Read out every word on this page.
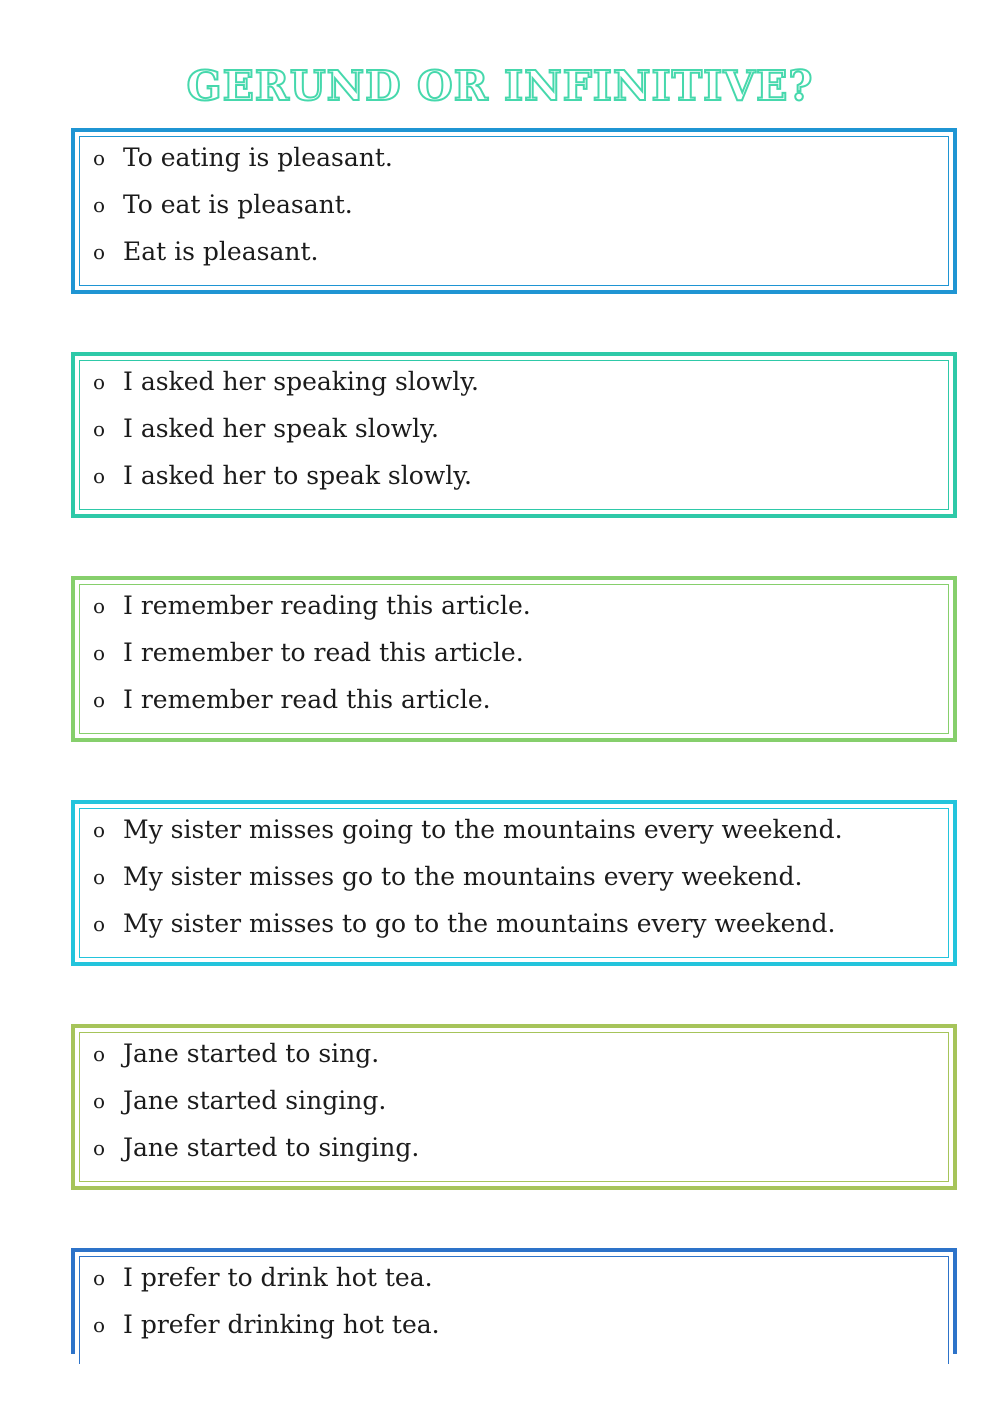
GERUND OR INFINITIVE?
o To eating is pleasant.
o To eat is pleasant.
o Eat is pleasant.
o I asked her speaking slowly.
o I asked her speak slowly.
o I asked her to speak slowly.
o I remember reading this article.
o I remember to read this article.
o I remember read this article.
o My sister misses going to the mountains every weekend.
o My sister misses go to the mountains every weekend.
o My sister misses to go to the mountains every weekend.
o Jane started to sing.
o Jane started singing.
o Jane started to singing.
o I prefer to drink hot tea.
o I prefer drinking hot tea.
